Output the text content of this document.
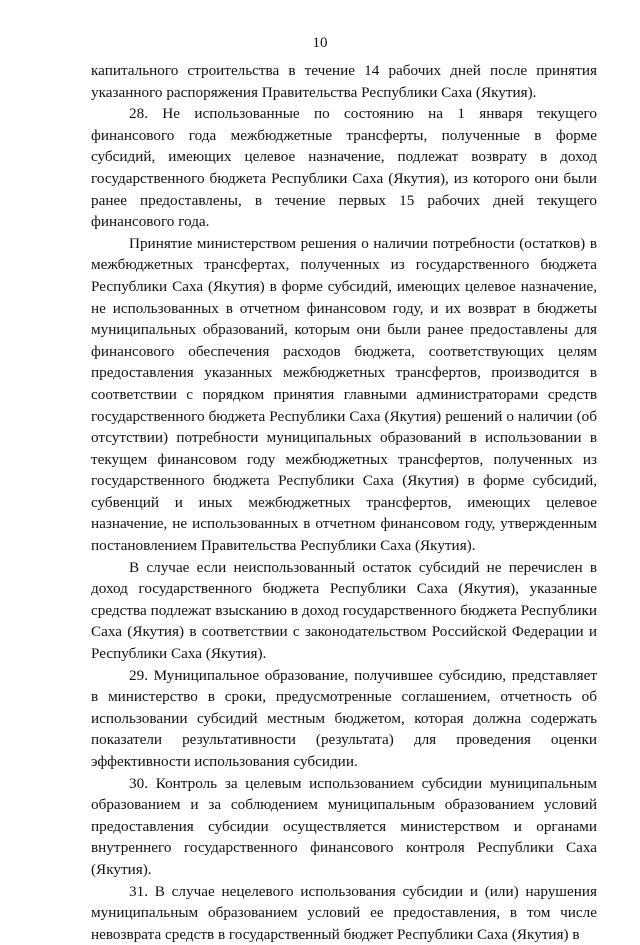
10

капитального строительства в течение 14 рабочих дней после принятия указанного распоряжения Правительства Республики Саха (Якутия).

28. Не использованные по состоянию на 1 января текущего финансового года межбюджетные трансферты, полученные в форме субсидий, имеющих целевое назначение, подлежат возврату в доход государственного бюджета Республики Саха (Якутия), из которого они были ранее предоставлены, в течение первых 15 рабочих дней текущего финансового года.

Принятие министерством решения о наличии потребности (остатков) в межбюджетных трансфертах, полученных из государственного бюджета Республики Саха (Якутия) в форме субсидий, имеющих целевое назначение, не использованных в отчетном финансовом году, и их возврат в бюджеты муниципальных образований, которым они были ранее предоставлены для финансового обеспечения расходов бюджета, соответствующих целям предоставления указанных межбюджетных трансфертов, производится в соответствии с порядком принятия главными администраторами средств государственного бюджета Республики Саха (Якутия) решений о наличии (об отсутствии) потребности муниципальных образований в использовании в текущем финансовом году межбюджетных трансфертов, полученных из государственного бюджета Республики Саха (Якутия) в форме субсидий, субвенций и иных межбюджетных трансфертов, имеющих целевое назначение, не использованных в отчетном финансовом году, утвержденным постановлением Правительства Республики Саха (Якутия).

В случае если неиспользованный остаток субсидий не перечислен в доход государственного бюджета Республики Саха (Якутия), указанные средства подлежат взысканию в доход государственного бюджета Республики Саха (Якутия) в соответствии с законодательством Российской Федерации и Республики Саха (Якутия).

29. Муниципальное образование, получившее субсидию, представляет в министерство в сроки, предусмотренные соглашением, отчетность об использовании субсидий местным бюджетом, которая должна содержать показатели результативности (результата) для проведения оценки эффективности использования субсидии.

30. Контроль за целевым использованием субсидии муниципальным образованием и за соблюдением муниципальным образованием условий предоставления субсидии осуществляется министерством и органами внутреннего государственного финансового контроля Республики Саха (Якутия).

31. В случае нецелевого использования субсидии и (или) нарушения муниципальным образованием условий ее предоставления, в том числе невозврата средств в государственный бюджет Республики Саха (Якутия) в
